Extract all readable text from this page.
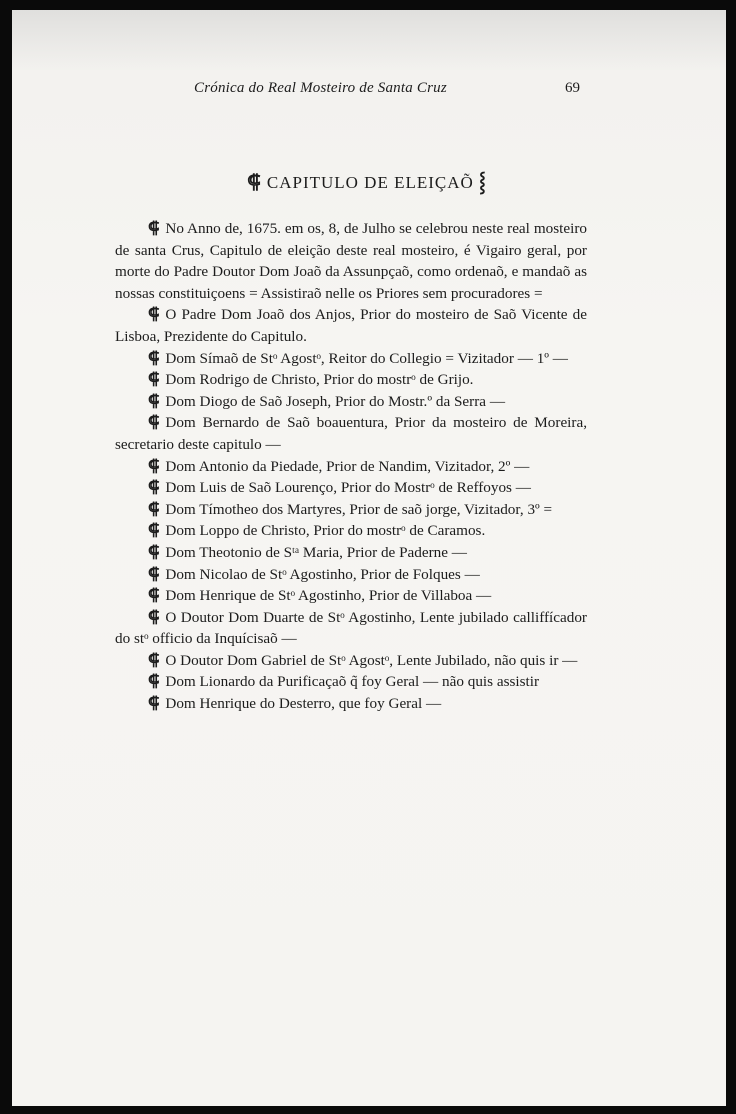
Crónica do Real Mosteiro de Santa Cruz	69
⸿ CAPITULO DE ELEIÇAÕ ⸾

⸿ No Anno de, 1675. em os, 8, de Julho se celebrou neste real mosteiro de santa Crus, Capitulo de eleição deste real mosteiro, é Vigairo geral, por morte do Padre Doutor Dom Joaõ da Assunpçaõ, como ordenaõ, e mandaõ as nossas constituiçoens = Assistiraõ nelle os Priores sem procuradores =

⸿ O Padre Dom Joaõ dos Anjos, Prior do mosteiro de Saõ Vicente de Lisboa, Prezidente do Capitulo.

⸿ Dom Símaõ de Stᵒ Agostᵒ, Reitor do Collegio = Vizitador — 1º —

⸿ Dom Rodrigo de Christo, Prior do mostrᵒ de Grijo.

⸿ Dom Diogo de Saõ Joseph, Prior do Mostr.º da Serra —

⸿ Dom Bernardo de Saõ boauentura, Prior da mosteiro de Moreira, secretario deste capitulo —

⸿ Dom Antonio da Piedade, Prior de Nandim, Vizitador, 2º —

⸿ Dom Luis de Saõ Lourenço, Prior do Mostrᵒ de Reffoyos —

⸿ Dom Tímotheo dos Martyres, Prior de saõ jorge, Vizitador, 3º =

⸿ Dom Loppo de Christo, Prior do mostrᵒ de Caramos.

⸿ Dom Theotonio de Sᵗᵃ Maria, Prior de Paderne —

⸿ Dom Nicolao de Stᵒ Agostinho, Prior de Folques —

⸿ Dom Henrique de Stᵒ Agostinho, Prior de Villaboa —

⸿ O Doutor Dom Duarte de Stᵒ Agostinho, Lente jubilado calliffícador do stᵒ officio da Inquícisaõ —

⸿ O Doutor Dom Gabriel de Stᵒ Agostᵒ, Lente Jubilado, não quis ir —

⸿ Dom Lionardo da Purificaçaõ q̃ foy Geral — não quis assistir

⸿ Dom Henrique do Desterro, que foy Geral —
